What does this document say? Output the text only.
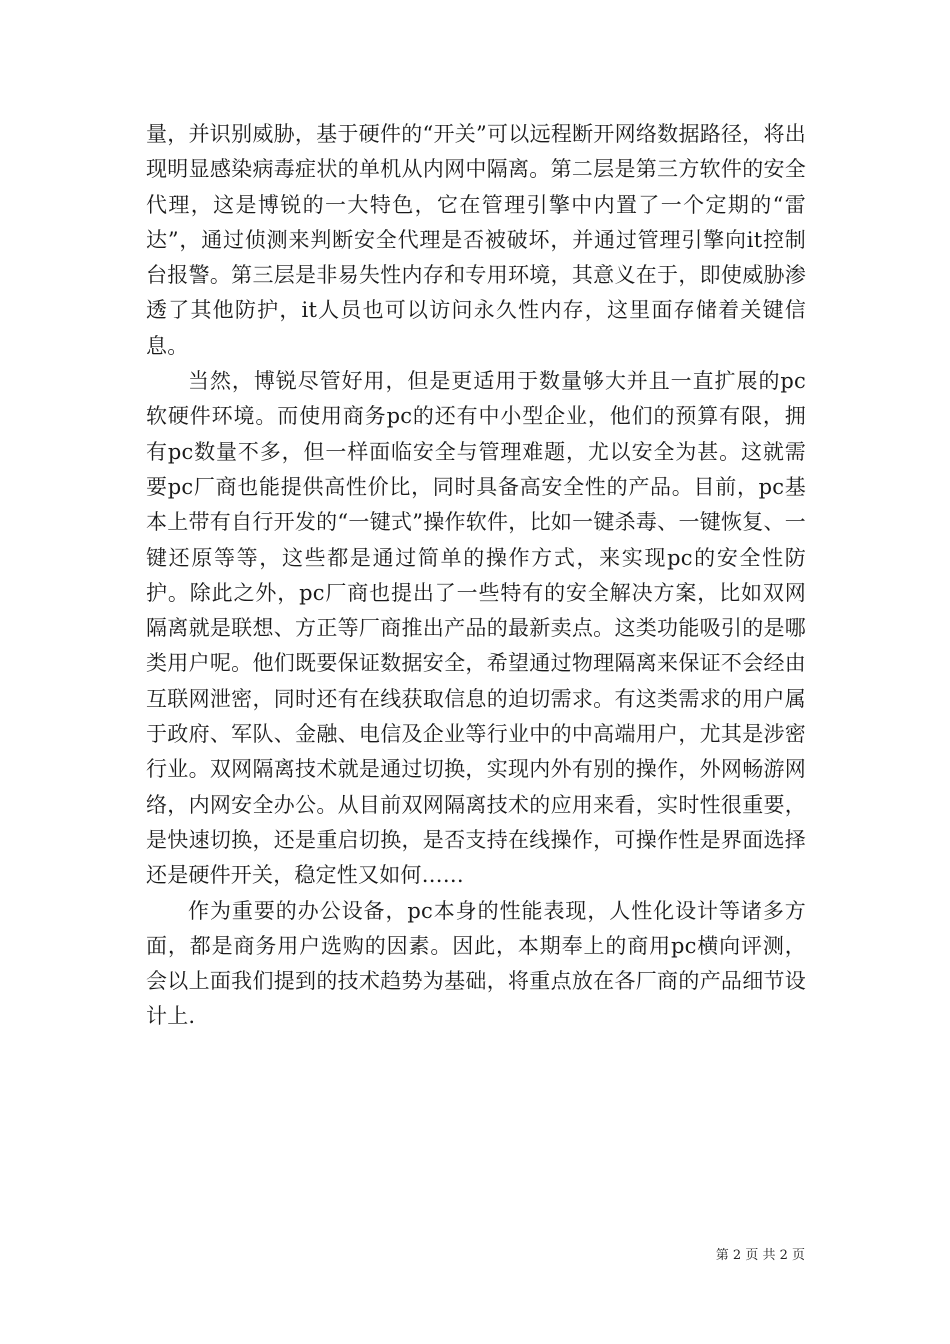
量，并识别威胁，基于硬件的“开关”可以远程断开网络数据路径，将出现明显感染病毒症状的单机从内网中隔离。第二层是第三方软件的安全代理，这是博锐的一大特色，它在管理引擎中内置了一个定期的“雷达”，通过侦测来判断安全代理是否被破坏，并通过管理引擎向it控制台报警。第三层是非易失性内存和专用环境，其意义在于，即使威胁渗透了其他防护，it人员也可以访问永久性内存，这里面存储着关键信息。

当然，博锐尽管好用，但是更适用于数量够大并且一直扩展的pc软硬件环境。而使用商务pc的还有中小型企业，他们的预算有限，拥有pc数量不多，但一样面临安全与管理难题，尤以安全为甚。这就需要pc厂商也能提供高性价比，同时具备高安全性的产品。目前，pc基本上带有自行开发的“一键式”操作软件，比如一键杀毒、一键恢复、一键还原等等，这些都是通过简单的操作方式，来实现pc的安全性防护。除此之外，pc厂商也提出了一些特有的安全解决方案，比如双网隔离就是联想、方正等厂商推出产品的最新卖点。这类功能吸引的是哪类用户呢。他们既要保证数据安全，希望通过物理隔离来保证不会经由互联网泄密，同时还有在线获取信息的迫切需求。有这类需求的用户属于政府、军队、金融、电信及企业等行业中的中高端用户，尤其是涉密行业。双网隔离技术就是通过切换，实现内外有别的操作，外网畅游网络，内网安全办公。从目前双网隔离技术的应用来看，实时性很重要，是快速切换，还是重启切换，是否支持在线操作，可操作性是界面选择还是硬件开关，稳定性又如何……

作为重要的办公设备，pc本身的性能表现，人性化设计等诸多方面，都是商务用户选购的因素。因此，本期奉上的商用pc横向评测，会以上面我们提到的技术趋势为基础，将重点放在各厂商的产品细节设计上.

第 2 页 共 2 页
